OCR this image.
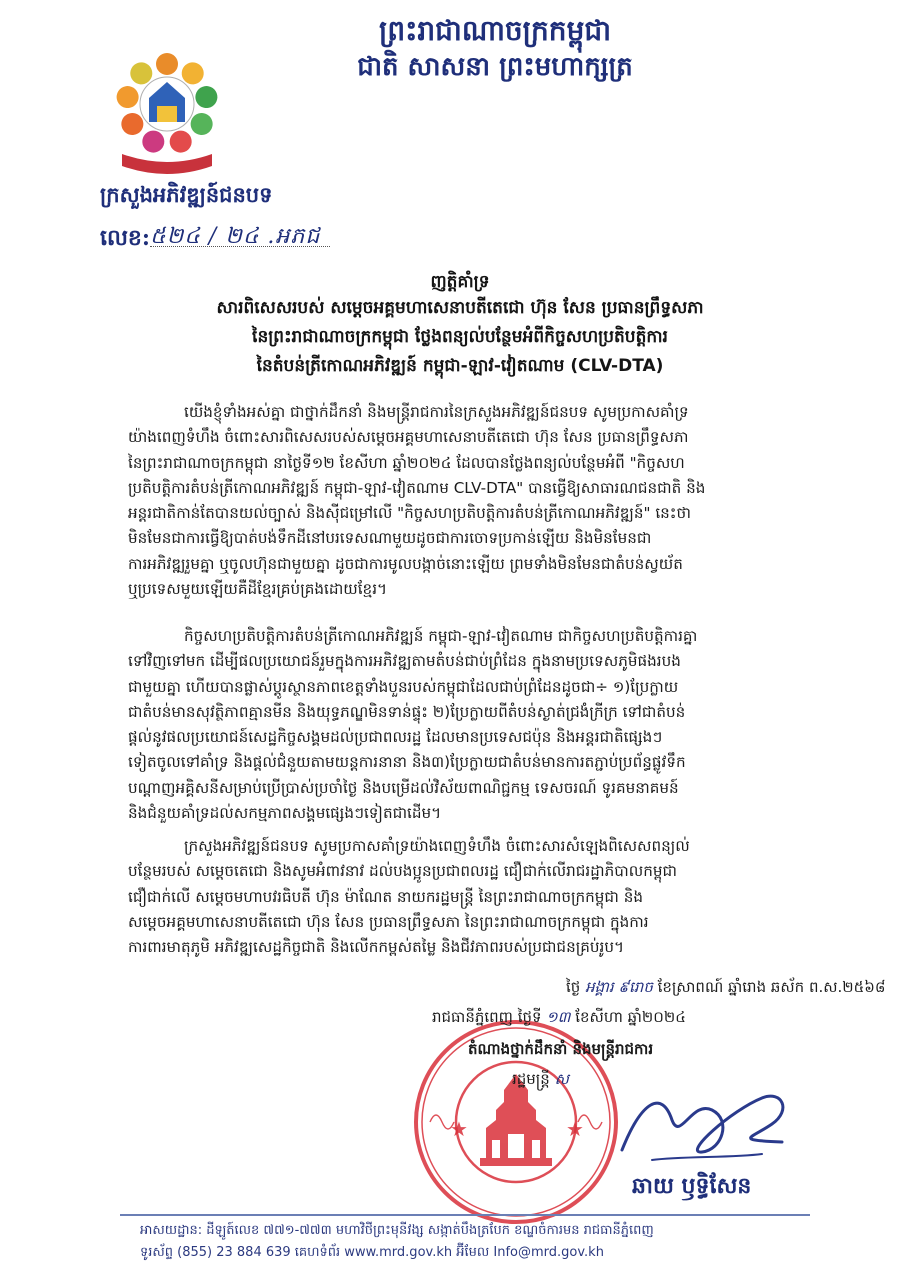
ព្រះរាជាណាចក្រកម្ពុជា
ជាតិ សាសនា ព្រះមហាក្សត្រ
ក្រសួងអភិវឌ្ឍន៍ជនបទ
លេខ: ៥២៤ / ២៤ .អភជ
ញត្តិគាំទ្រ
សារពិសេសរបស់ សម្តេចអគ្គមហាសេនាបតីតេជោ ហ៊ុន សែន ប្រធានព្រឹទ្ធសភា
នៃព្រះរាជាណាចក្រកម្ពុជា ថ្លែងពន្យល់បន្ថែមអំពីកិច្ចសហប្រតិបត្តិការ
នៃតំបន់ត្រីកោណអភិវឌ្ឍន៍ កម្ពុជា-ឡាវ-វៀតណាម (CLV-DTA)
យើងខ្ញុំទាំងអស់គ្នា ជាថ្នាក់ដឹកនាំ និងមន្ត្រីរាជការនៃក្រសួងអភិវឌ្ឍន៍ជនបទ សូមប្រកាសគាំទ្រ
យ៉ាងពេញទំហឹង ចំពោះសារពិសេសរបស់សម្តេចអគ្គមហាសេនាបតីតេជោ ហ៊ុន សែន ប្រធានព្រឹទ្ធសភា
នៃព្រះរាជាណាចក្រកម្ពុជា នាថ្ងៃទី១២ ខែសីហា ឆ្នាំ២០២៤ ដែលបានថ្លែងពន្យល់បន្ថែមអំពី "កិច្ចសហ
ប្រតិបត្តិការតំបន់ត្រីកោណអភិវឌ្ឍន៍ កម្ពុជា-ឡាវ-វៀតណាម CLV-DTA" បានធ្វើឱ្យសាធារណជនជាតិ និង
អន្តរជាតិកាន់តែបានយល់ច្បាស់ និងស៊ីជម្រៅលើ "កិច្ចសហប្រតិបត្តិការតំបន់ត្រីកោណអភិវឌ្ឍន៍" នេះថា
មិនមែនជាការធ្វើឱ្យបាត់បង់ទឹកដីនៅបរទេសណាមួយដូចជាការចោទប្រកាន់ឡើយ និងមិនមែនជា
ការអភិវឌ្ឍរួមគ្នា ឬចូលហ៊ុនជាមួយគ្នា ដូចជាការមូលបង្កាច់នោះឡើយ ព្រមទាំងមិនមែនជាតំបន់ស្វយ័ត
ឬប្រទេសមួយឡើយគឺដីខ្មែរគ្រប់គ្រងដោយខ្មែរ។
កិច្ចសហប្រតិបត្តិការតំបន់ត្រីកោណអភិវឌ្ឍន៍ កម្ពុជា-ឡាវ-វៀតណាម ជាកិច្ចសហប្រតិបត្តិការគ្នា
ទៅវិញទៅមក ដើម្បីផលប្រយោជន៍រួមក្នុងការអភិវឌ្ឍតាមតំបន់ជាប់ព្រំដែន ក្នុងនាមប្រទេសភូមិផងរបង
ជាមួយគ្នា ហើយបានផ្លាស់ប្តូរស្ថានភាពខេត្តទាំងបួនរបស់កម្ពុជាដែលជាប់ព្រំដែនដូចជា÷ ១)ប្រែក្លាយ
ជាតំបន់មានសុវត្ថិភាពគ្មានមីន និងយុទ្ធភណ្ឌមិនទាន់ផ្ទុះ ២)ប្រែក្លាយពីតំបន់ស្ងាត់ជ្រងំក្រីក្រ ទៅជាតំបន់
ផ្តល់នូវផលប្រយោជន៍សេដ្ឋកិច្ចសង្គមដល់ប្រជាពលរដ្ឋ ដែលមានប្រទេសជប៉ុន និងអន្តរជាតិផ្សេងៗ
ទៀតចូលទៅគាំទ្រ និងផ្តល់ជំនួយតាមយន្តការនានា និង៣)ប្រែក្លាយជាតំបន់មានការតភ្ជាប់ប្រព័ន្ធផ្លូវទឹក
បណ្តាញអគ្គិសនីសម្រាប់ប្រើប្រាស់ប្រចាំថ្ងៃ និងបម្រើដល់វិស័យពាណិជ្ជកម្ម ទេសចរណ៍ ទូរគមនាគមន៍
និងជំនួយគាំទ្រដល់សកម្មភាពសង្គមផ្សេងៗទៀតជាដើម។
ក្រសួងអភិវឌ្ឍន៍ជនបទ សូមប្រកាសគាំទ្រយ៉ាងពេញទំហឹង ចំពោះសារសំឡេងពិសេសពន្យល់
បន្ថែមរបស់ សម្តេចតេជោ និងសូមអំពាវនាវ ដល់បងប្អូនប្រជាពលរដ្ឋ ជឿជាក់លើរាជរដ្ឋាភិបាលកម្ពុជា
ជឿជាក់លើ សម្តេចមហាបវរធិបតី ហ៊ុន ម៉ាណែត នាយករដ្ឋមន្ត្រី នៃព្រះរាជាណាចក្រកម្ពុជា និង
សម្តេចអគ្គមហាសេនាបតីតេជោ ហ៊ុន សែន ប្រធានព្រឹទ្ធសភា នៃព្រះរាជាណាចក្រកម្ពុជា ក្នុងការ
ការពារមាតុភូមិ អភិវឌ្ឍសេដ្ឋកិច្ចជាតិ និងលើកកម្ពស់តម្លៃ និងជីវភាពរបស់ប្រជាជនគ្រប់រូប។
★	★
ថ្ងៃ អង្គារ ៩រោច ខែស្រាពណ៍ ឆ្នាំរោង ឆស័ក ព.ស.២៥៦៨
រាជធានីភ្នំពេញ ថ្ងៃទី ១៣ ខែសីហា ឆ្នាំ២០២៤
តំណាងថ្នាក់ដឹកនាំ និងមន្ត្រីរាជការ
រដ្ឋមន្ត្រី ស
ឆាយ ឫទ្ធិសែន
អាសយដ្ឋាន: ដីឡូត៍លេខ ៧៧១-៧៧៣ មហាវិថីព្រះមុនីវង្ស សង្កាត់បឹងត្របែក ខណ្ឌចំការមន រាជធានីភ្នំពេញ
ទូរស័ព្ទ (855) 23 884 639 គេហទំព័រ www.mrd.gov.kh អ៊ីមែល Info@mrd.gov.kh
